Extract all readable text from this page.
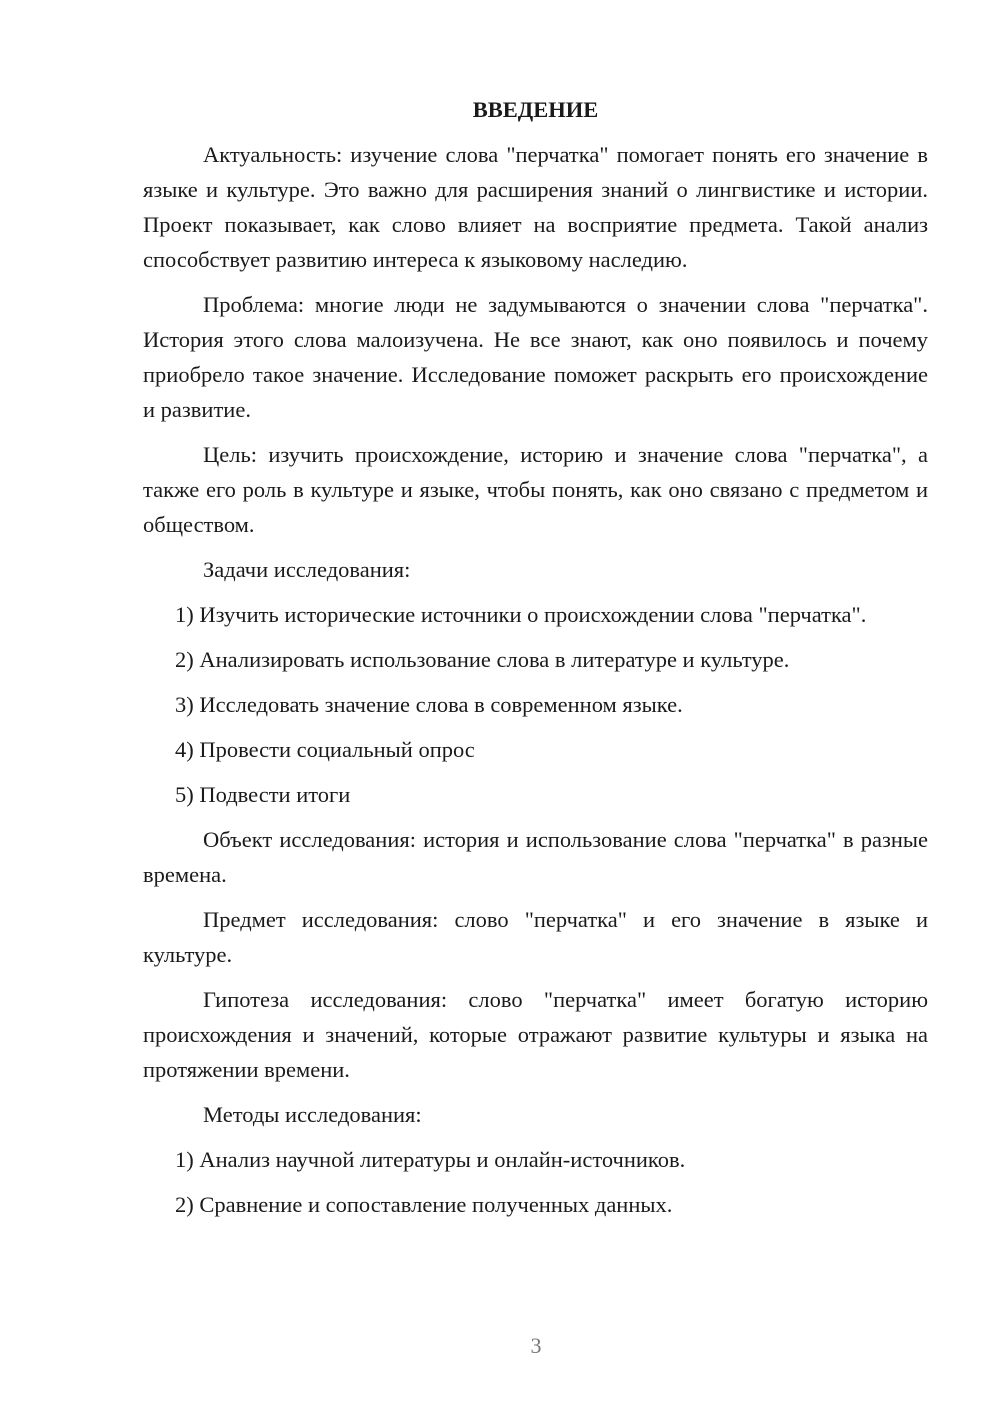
ВВЕДЕНИЕ

Актуальность: изучение слова "перчатка" помогает понять его значение в языке и культуре. Это важно для расширения знаний о лингвистике и истории. Проект показывает, как слово влияет на восприятие предмета. Такой анализ способствует развитию интереса к языковому наследию.

Проблема: многие люди не задумываются о значении слова "перчатка". История этого слова малоизучена. Не все знают, как оно появилось и почему приобрело такое значение. Исследование поможет раскрыть его происхождение и развитие.

Цель: изучить происхождение, историю и значение слова "перчатка", а также его роль в культуре и языке, чтобы понять, как оно связано с предметом и обществом.

Задачи исследования:

1) Изучить исторические источники о происхождении слова "перчатка".

2) Анализировать использование слова в литературе и культуре.

3) Исследовать значение слова в современном языке.

4) Провести социальный опрос

5) Подвести итоги

Объект исследования: история и использование слова "перчатка" в разные времена.

Предмет исследования: слово "перчатка" и его значение в языке и культуре.

Гипотеза исследования: слово "перчатка" имеет богатую историю происхождения и значений, которые отражают развитие культуры и языка на протяжении времени.

Методы исследования:

1) Анализ научной литературы и онлайн-источников.

2) Сравнение и сопоставление полученных данных.

3
